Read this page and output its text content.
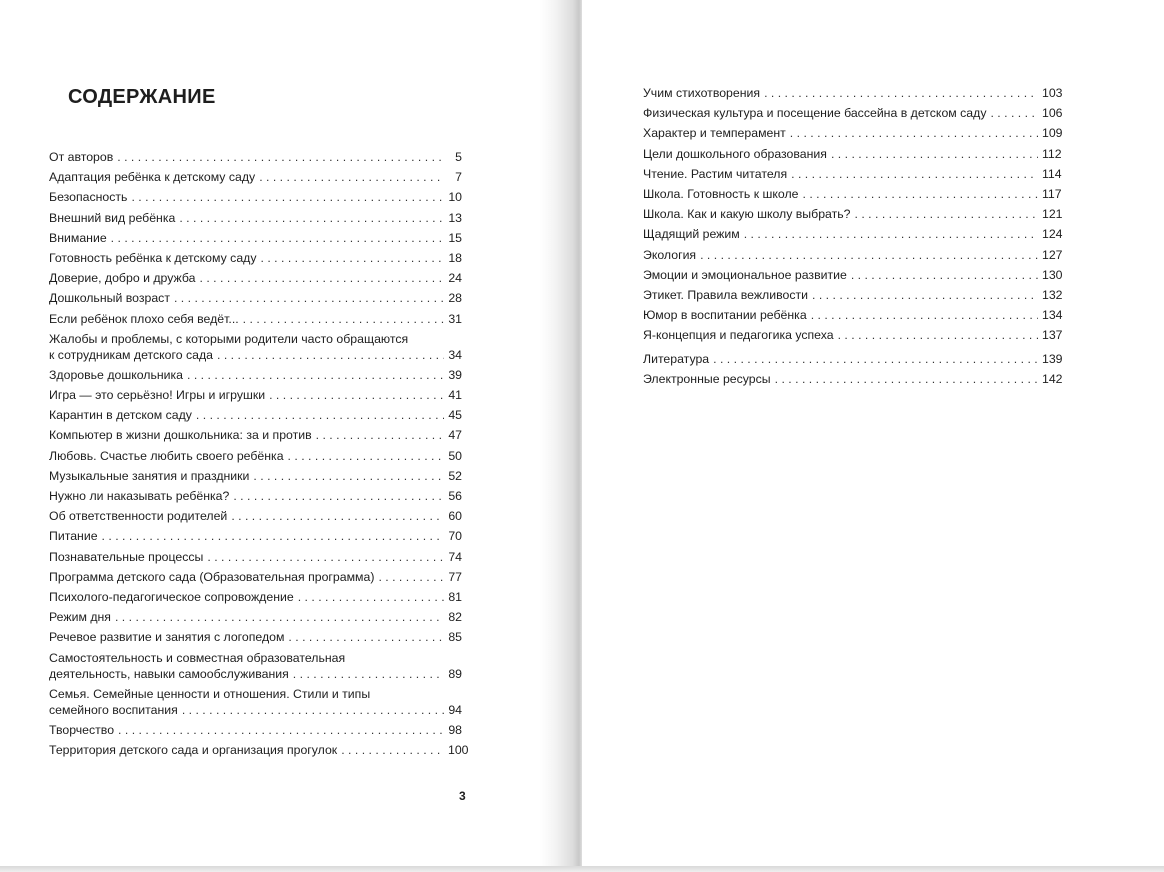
СОДЕРЖАНИЕ
От авторов . . .	5
Адаптация ребёнка к детскому саду . . .	7
Безопасность . . .	10
Внешний вид ребёнка . . .	13
Внимание . . .	15
Готовность ребёнка к детскому саду . . .	18
Доверие, добро и дружба . . .	24
Дошкольный возраст . . .	28
Если ребёнок плохо себя ведёт... . . .	31
Жалобы и проблемы, с которыми родители часто обращаются
к сотрудникам детского сада . . .	34
Здоровье дошкольника . . .	39
Игра — это серьёзно! Игры и игрушки . . .	41
Карантин в детском саду . . .	45
Компьютер в жизни дошкольника: за и против . . .	47
Любовь. Счастье любить своего ребёнка . . .	50
Музыкальные занятия и праздники . . .	52
Нужно ли наказывать ребёнка? . . .	56
Об ответственности родителей . . .	60
Питание . . .	70
Познавательные процессы . . .	74
Программа детского сада (Образовательная программа) . . .	77
Психолого-педагогическое сопровождение . . .	81
Режим дня . . .	82
Речевое развитие и занятия с логопедом . . .	85
Самостоятельность и совместная образовательная
деятельность, навыки самообслуживания . . .	89
Семья. Семейные ценности и отношения. Стили и типы
семейного воспитания . . .	94
Творчество . . .	98
Территория детского сада и организация прогулок . . .	100
3
Учим стихотворения . . .	103
Физическая культура и посещение бассейна в детском саду . . .	106
Характер и темперамент . . .	109
Цели дошкольного образования . . .	112
Чтение. Растим читателя . . .	114
Школа. Готовность к школе . . .	117
Школа. Как и какую школу выбрать? . . .	121
Щадящий режим . . .	124
Экология . . .	127
Эмоции и эмоциональное развитие . . .	130
Этикет. Правила вежливости . . .	132
Юмор в воспитании ребёнка . . .	134
Я-концепция и педагогика успеха . . .	137
Литература . . .	139
Электронные ресурсы . . .	142
